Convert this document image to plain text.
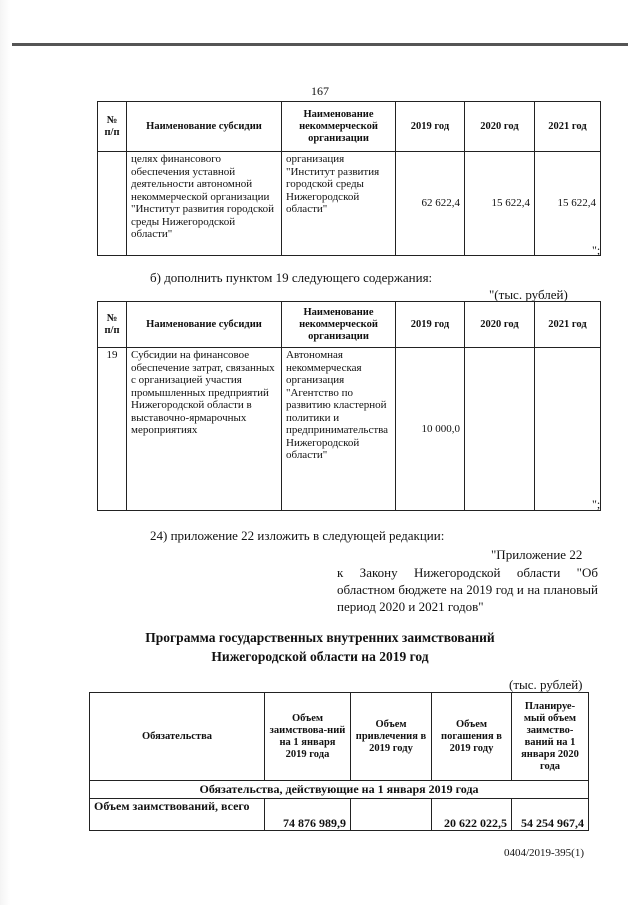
167
№ п/п	Наименование субсидии	Наименование некоммерческой организации	2019 год	2020 год	2021 год
	целях финансового обеспечения уставной деятельности автономной некоммерческой организации "Институт развития городской среды Нижегородской области"	организация "Институт развития городской среды Нижегородской области"	62 622,4	15 622,4	15 622,4
";
б) дополнить пунктом 19 следующего содержания:
"(тыс. рублей)
№ п/п	Наименование субсидии	Наименование некоммерческой организации	2019 год	2020 год	2021 год
19	Субсидии на финансовое обеспечение затрат, связанных с организацией участия промышленных предприятий Нижегородской области в выставочно-ярмарочных мероприятиях	Автономная некоммерческая организация "Агентство по развитию кластерной политики и предпринимательства Нижегородской области"	10 000,0		
";
24) приложение 22 изложить в следующей редакции:
"Приложение 22
к Закону Нижегородской области "Об областном бюджете на 2019 год и на плановый период 2020 и 2021 годов"
Программа государственных внутренних заимствований
Нижегородской области на 2019 год
(тыс. рублей)
Обязательства	Объем заимствова-ний на 1 января 2019 года	Объем привлечения в 2019 году	Объем погашения в 2019 году	Планируе-мый объем заимство-ваний на 1 января 2020 года
Обязательства, действующие на 1 января 2019 года				
Объем заимствований, всего	74 876 989,9		20 622 022,5	54 254 967,4
0404/2019-395(1)
